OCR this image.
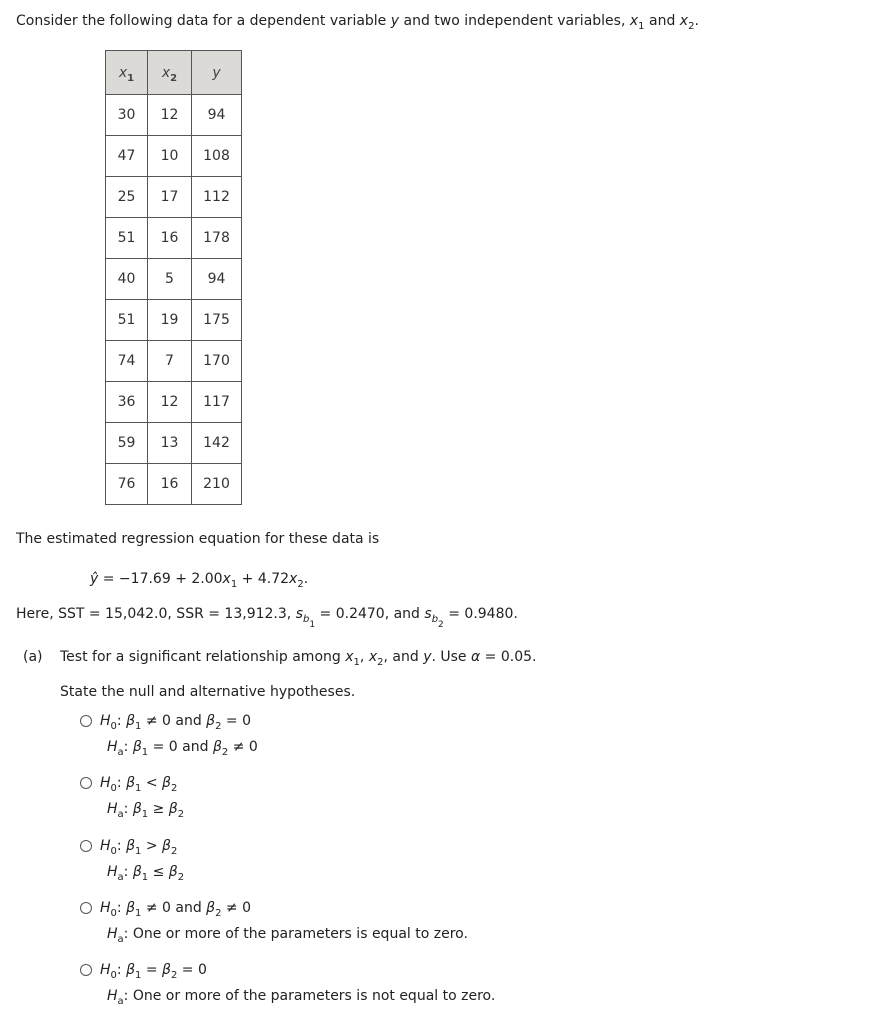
Consider the following data for a dependent variable y and two independent variables, $x_1$ and $x_2$.
$x_1$	$x_2$	y
30	12	94
47	10	108
25	17	112
51	16	178
40	5	94
51	19	175
74	7	170
36	12	117
59	13	142
76	16	210
The estimated regression equation for these data is
ŷ = $-17.69 + 2.00x_1 + 4.72x_2$.
Here, SST = 15,042.0, SSR = 13,912.3, $s_{b1} = 0.2470$, and $s_{b2} = 0.9480$.
(a) Test for a significant relationship among $x_1$, $x_2$, and y. Use α = 0.05.
State the null and alternative hypotheses.
$H_0$: $\beta_1 \ne 0$ and $\beta_2 = 0$
$H_a$: $\beta_1 = 0$ and $\beta_2 \ne 0$
$H_0$: $\beta_1 < \beta_2$
$H_a$: $\beta_1 \ge \beta_2$
$H_0$: $\beta_1 > \beta_2$
$H_a$: $\beta_1 \le \beta_2$
$H_0$: $\beta_1 \ne 0$ and $\beta_2 \ne 0$
$H_a$: One or more of the parameters is equal to zero.
$H_0$: $\beta_1 = \beta_2 = 0$
$H_a$: One or more of the parameters is not equal to zero.
